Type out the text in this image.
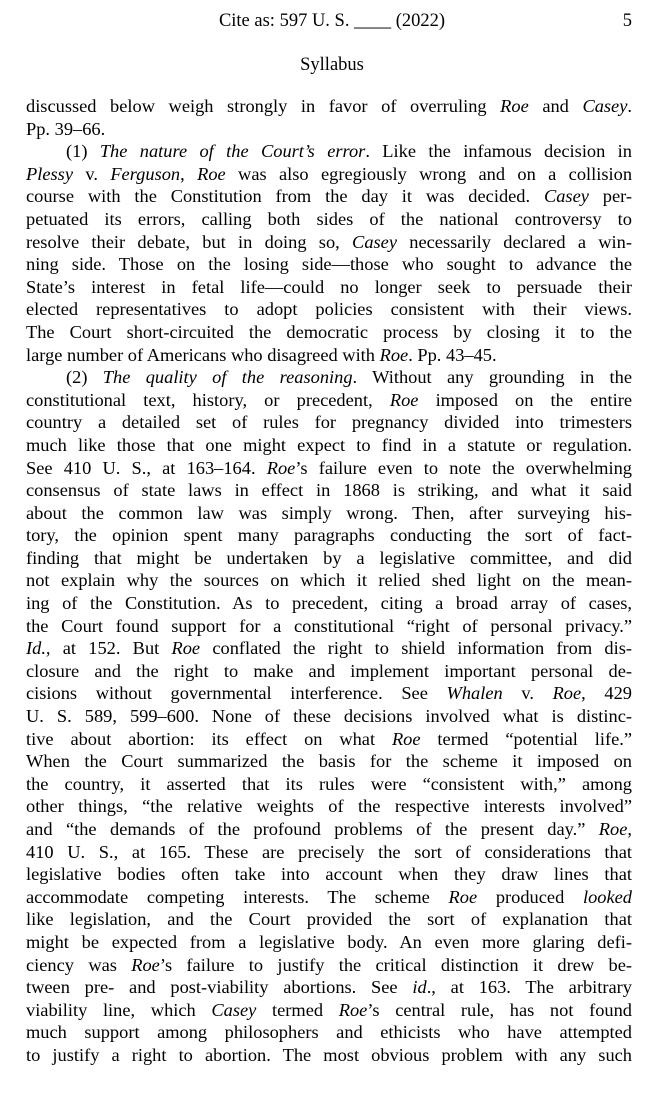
Cite as: 597 U. S. ____ (2022)	5
Syllabus
discussed below weigh strongly in favor of overruling Roe and Casey.
Pp. 39–66.
(1) The nature of the Court’s error. Like the infamous decision in
Plessy v. Ferguson, Roe was also egregiously wrong and on a collision
course with the Constitution from the day it was decided. Casey per-
petuated its errors, calling both sides of the national controversy to
resolve their debate, but in doing so, Casey necessarily declared a win-
ning side. Those on the losing side—those who sought to advance the
State’s interest in fetal life—could no longer seek to persuade their
elected representatives to adopt policies consistent with their views.
The Court short-circuited the democratic process by closing it to the
large number of Americans who disagreed with Roe. Pp. 43–45.
(2) The quality of the reasoning. Without any grounding in the
constitutional text, history, or precedent, Roe imposed on the entire
country a detailed set of rules for pregnancy divided into trimesters
much like those that one might expect to find in a statute or regulation.
See 410 U. S., at 163–164. Roe’s failure even to note the overwhelming
consensus of state laws in effect in 1868 is striking, and what it said
about the common law was simply wrong. Then, after surveying his-
tory, the opinion spent many paragraphs conducting the sort of fact-
finding that might be undertaken by a legislative committee, and did
not explain why the sources on which it relied shed light on the mean-
ing of the Constitution. As to precedent, citing a broad array of cases,
the Court found support for a constitutional “right of personal privacy.”
Id., at 152. But Roe conflated the right to shield information from dis-
closure and the right to make and implement important personal de-
cisions without governmental interference. See Whalen v. Roe, 429
U. S. 589, 599–600. None of these decisions involved what is distinc-
tive about abortion: its effect on what Roe termed “potential life.”
When the Court summarized the basis for the scheme it imposed on
the country, it asserted that its rules were “consistent with,” among
other things, “the relative weights of the respective interests involved”
and “the demands of the profound problems of the present day.” Roe,
410 U. S., at 165. These are precisely the sort of considerations that
legislative bodies often take into account when they draw lines that
accommodate competing interests. The scheme Roe produced looked
like legislation, and the Court provided the sort of explanation that
might be expected from a legislative body. An even more glaring defi-
ciency was Roe’s failure to justify the critical distinction it drew be-
tween pre- and post-viability abortions. See id., at 163. The arbitrary
viability line, which Casey termed Roe’s central rule, has not found
much support among philosophers and ethicists who have attempted
to justify a right to abortion. The most obvious problem with any such
